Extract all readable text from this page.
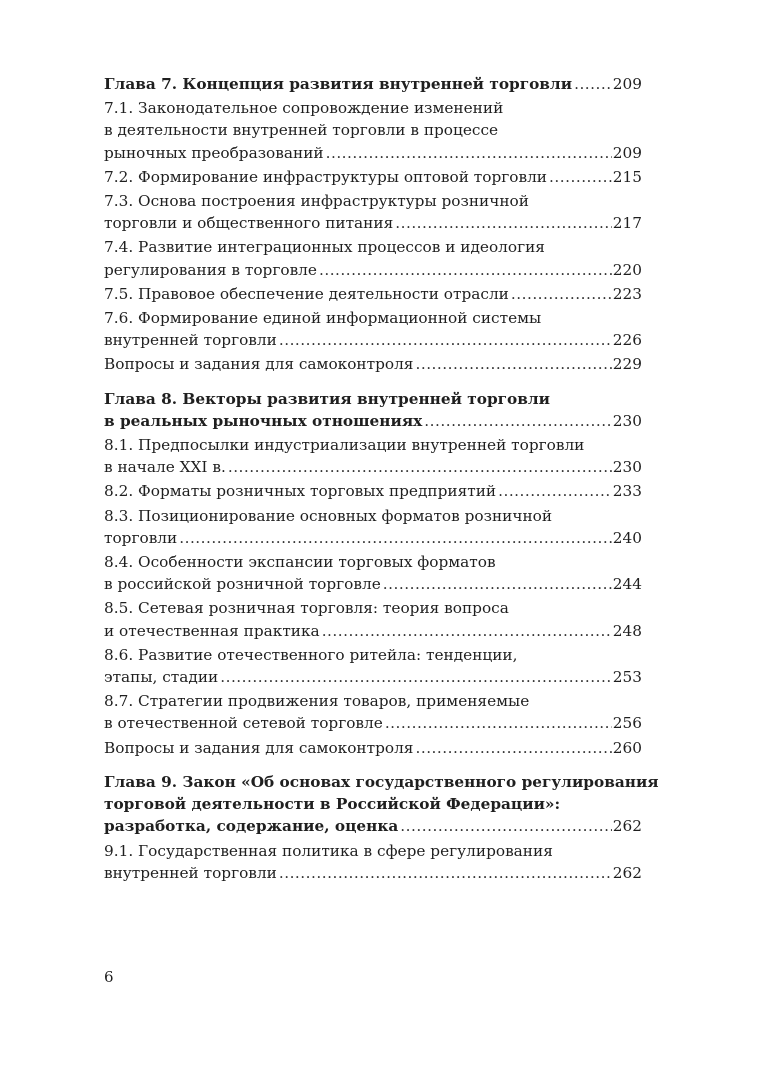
Глава 7. Концепция развития внутренней торговли .....	209
7.1. Законодательное сопровождение изменений
в деятельности внутренней торговли в процессе
рыночных преобразований .....	209
7.2. Формирование инфраструктуры оптовой торговли .....	215
7.3. Основа построения инфраструктуры розничной
торговли и общественного питания .....	217
7.4. Развитие интеграционных процессов и идеология
регулирования в торговле .....	220
7.5. Правовое обеспечение деятельности отрасли .....	223
7.6. Формирование единой информационной системы
внутренней торговли .....	226
Вопросы и задания для самоконтроля .....	229
Глава 8. Векторы развития внутренней торговли
в реальных рыночных отношениях .....	230
8.1. Предпосылки индустриализации внутренней торговли
в начале XXI в. .....	230
8.2. Форматы розничных торговых предприятий .....	233
8.3. Позиционирование основных форматов розничной
торговли .....	240
8.4. Особенности экспансии торговых форматов
в российской розничной торговле .....	244
8.5. Сетевая розничная торговля: теория вопроса
и отечественная практика .....	248
8.6. Развитие отечественного ритейла: тенденции,
этапы, стадии .....	253
8.7. Стратегии продвижения товаров, применяемые
в отечественной сетевой торговле .....	256
Вопросы и задания для самоконтроля .....	260
Глава 9. Закон «Об основах государственного регулирования
торговой деятельности в Российской Федерации»:
разработка, содержание, оценка .....	262
9.1. Государственная политика в сфере регулирования
внутренней торговли .....	262
6
